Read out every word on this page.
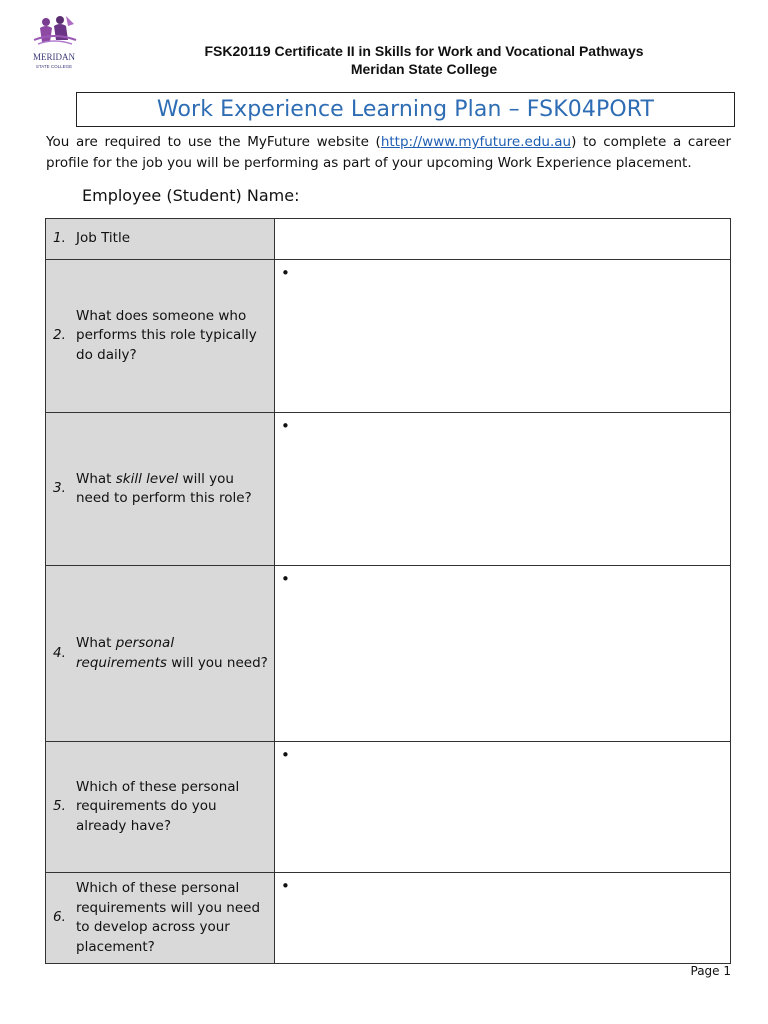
MERIDAN
STATE COLLEGE
FSK20119 Certificate II in Skills for Work and Vocational Pathways
Meridan State College
Work Experience Learning Plan – FSK04PORT
You are required to use the MyFuture website (http://www.myfuture.edu.au) to complete a career profile for the job you will be performing as part of your upcoming Work Experience placement.
Employee (Student) Name:
1. Job Title	

2.
What does someone who performs this role typically do daily?	•

3.
What skill level will you need to perform this role?	•

4.
What personal requirements will you need?	•

5.
Which of these personal requirements do you already have?	•

6.
Which of these personal requirements will you need to develop across your placement?	•
Page 1
